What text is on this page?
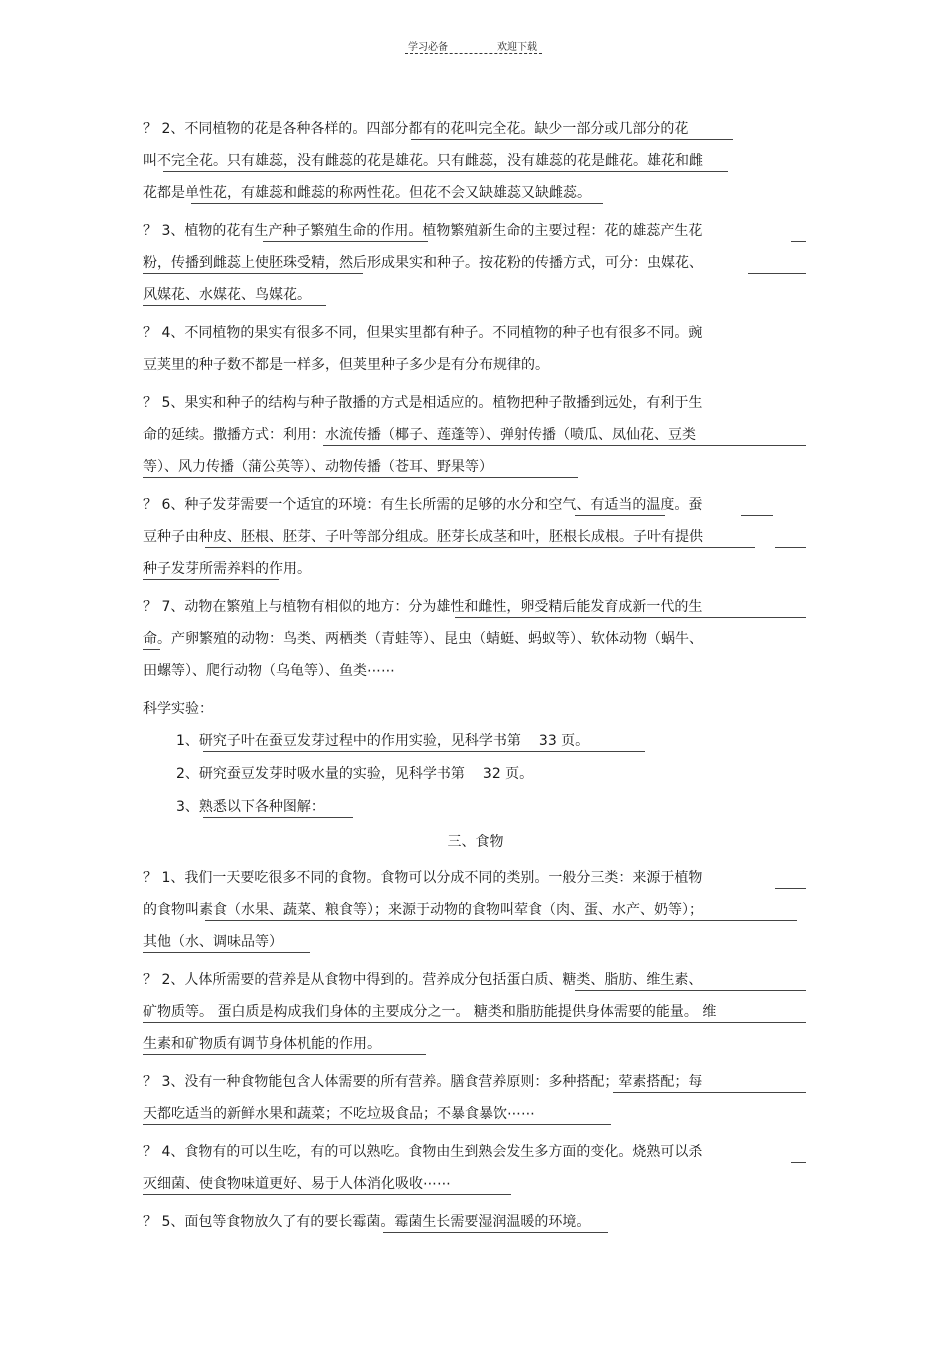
学习必备	欢迎下载
？ 2、不同植物的花是各种各样的。四部分都有的花叫完全花。缺少一部分或几部分的花
叫不完全花。只有雄蕊，没有雌蕊的花是雄花。只有雌蕊，没有雄蕊的花是雌花。雄花和雌
花都是单性花，有雄蕊和雌蕊的称两性花。但花不会又缺雄蕊又缺雌蕊。
？ 3、植物的花有生产种子繁殖生命的作用。植物繁殖新生命的主要过程：花的雄蕊产生花
粉，传播到雌蕊上使胚珠受精，然后形成果实和种子。按花粉的传播方式，可分：虫媒花、
风媒花、水媒花、鸟媒花。
？ 4、不同植物的果实有很多不同，但果实里都有种子。不同植物的种子也有很多不同。豌
豆荚里的种子数不都是一样多，但荚里种子多少是有分布规律的。
？ 5、果实和种子的结构与种子散播的方式是相适应的。植物把种子散播到远处，有利于生
命的延续。撒播方式：利用：水流传播（椰子、莲蓬等）、弹射传播（喷瓜、凤仙花、豆类
等）、风力传播（蒲公英等）、动物传播（苍耳、野果等）
？ 6、种子发芽需要一个适宜的环境：有生长所需的足够的水分和空气、有适当的温度。蚕
豆种子由种皮、胚根、胚芽、子叶等部分组成。胚芽长成茎和叶，胚根长成根。子叶有提供
种子发芽所需养料的作用。
？ 7、动物在繁殖上与植物有相似的地方：分为雄性和雌性，卵受精后能发育成新一代的生
命。产卵繁殖的动物：鸟类、两栖类（青蛙等）、昆虫（蜻蜓、蚂蚁等）、软体动物（蜗牛、
田螺等）、爬行动物（乌龟等）、鱼类⋯⋯
科学实验：
1、研究子叶在蚕豆发芽过程中的作用实验，见科学书第 33 页。
2、研究蚕豆发芽时吸水量的实验，见科学书第 32 页。
3、熟悉以下各种图解：
三、食物
？ 1、我们一天要吃很多不同的食物。食物可以分成不同的类别。一般分三类：来源于植物
的食物叫素食（水果、蔬菜、粮食等）；来源于动物的食物叫荤食（肉、蛋、水产、奶等）；
其他（水、调味品等）
？ 2、人体所需要的营养是从食物中得到的。营养成分包括蛋白质、糖类、脂肪、维生素、
矿物质等。 蛋白质是构成我们身体的主要成分之一。 糖类和脂肪能提供身体需要的能量。 维
生素和矿物质有调节身体机能的作用。
？ 3、没有一种食物能包含人体需要的所有营养。膳食营养原则：多种搭配；荤素搭配；每
天都吃适当的新鲜水果和蔬菜；不吃垃圾食品；不暴食暴饮⋯⋯
？ 4、食物有的可以生吃，有的可以熟吃。食物由生到熟会发生多方面的变化。烧熟可以杀
灭细菌、使食物味道更好、易于人体消化吸收⋯⋯
？ 5、面包等食物放久了有的要长霉菌。霉菌生长需要湿润温暖的环境。
